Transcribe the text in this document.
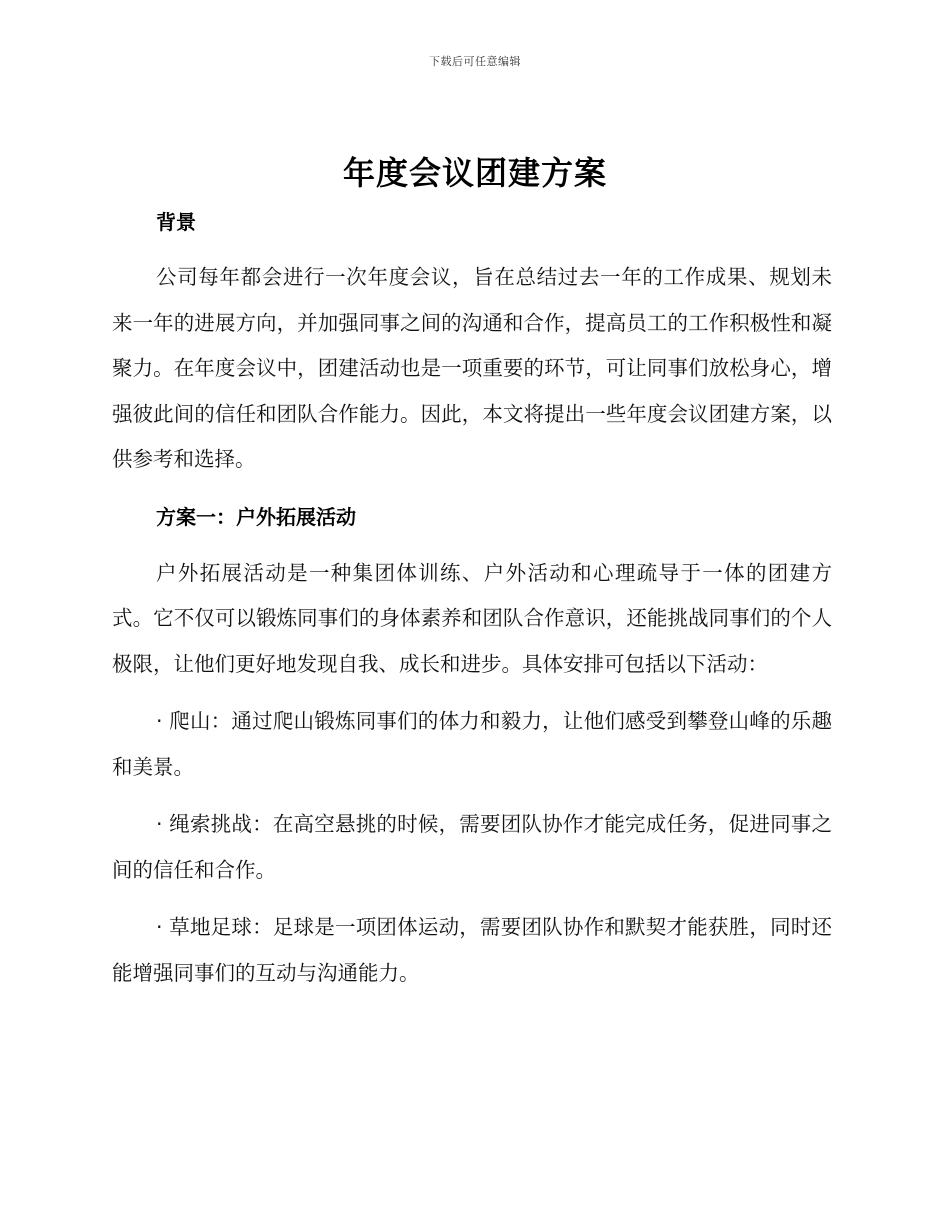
下载后可任意编辑
年度会议团建方案
背景

公司每年都会进行一次年度会议，旨在总结过去一年的工作成果、规划未来一年的进展方向，并加强同事之间的沟通和合作，提高员工的工作积极性和凝聚力。在年度会议中，团建活动也是一项重要的环节，可让同事们放松身心，增强彼此间的信任和团队合作能力。因此，本文将提出一些年度会议团建方案，以供参考和选择。

方案一：户外拓展活动

户外拓展活动是一种集团体训练、户外活动和心理疏导于一体的团建方式。它不仅可以锻炼同事们的身体素养和团队合作意识，还能挑战同事们的个人极限，让他们更好地发现自我、成长和进步。具体安排可包括以下活动：

· 爬山：通过爬山锻炼同事们的体力和毅力，让他们感受到攀登山峰的乐趣和美景。

· 绳索挑战：在高空悬挑的时候，需要团队协作才能完成任务，促进同事之间的信任和合作。

· 草地足球：足球是一项团体运动，需要团队协作和默契才能获胜，同时还能增强同事们的互动与沟通能力。
